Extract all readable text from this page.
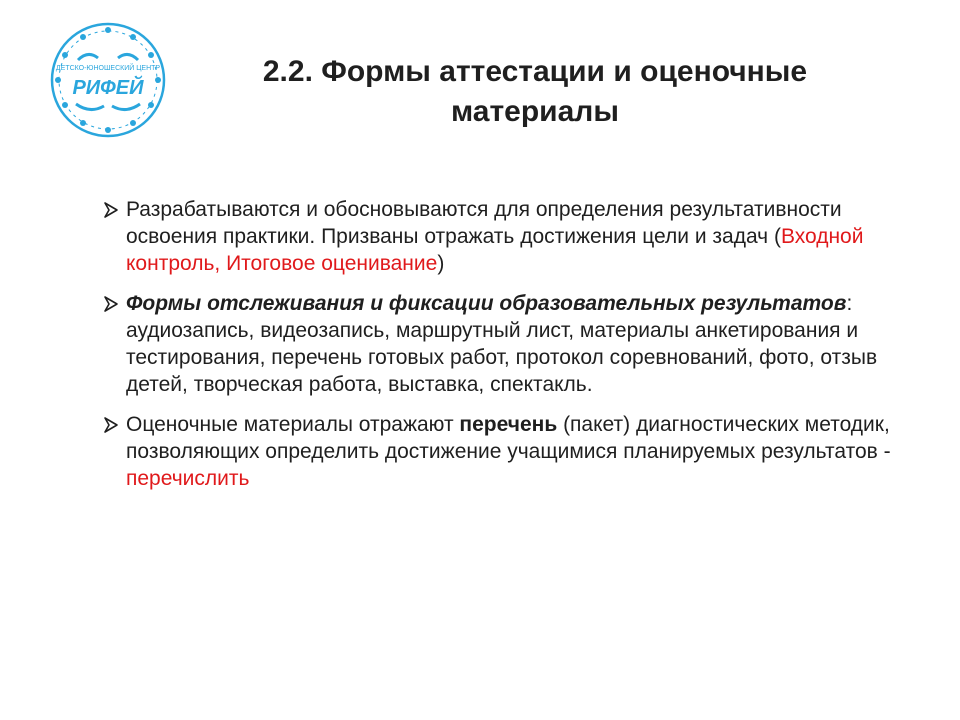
ДЕТСКО-ЮНОШЕСКИЙ ЦЕНТР
РИФЕЙ	2.2. Формы аттестации и оценочные
материалы
Разрабатываются и обосновываются для определения результативности освоения практики. Призваны отражать достижения цели и задач (Входной контроль, Итоговое оценивание)
Формы отслеживания и фиксации образовательных результатов: аудиозапись, видеозапись, маршрутный лист, материалы анкетирования и тестирования, перечень готовых работ, протокол соревнований, фото, отзыв детей, творческая работа, выставка, спектакль.
Оценочные материалы отражают перечень (пакет) диагностических методик, позволяющих определить достижение учащимися планируемых результатов - перечислить
